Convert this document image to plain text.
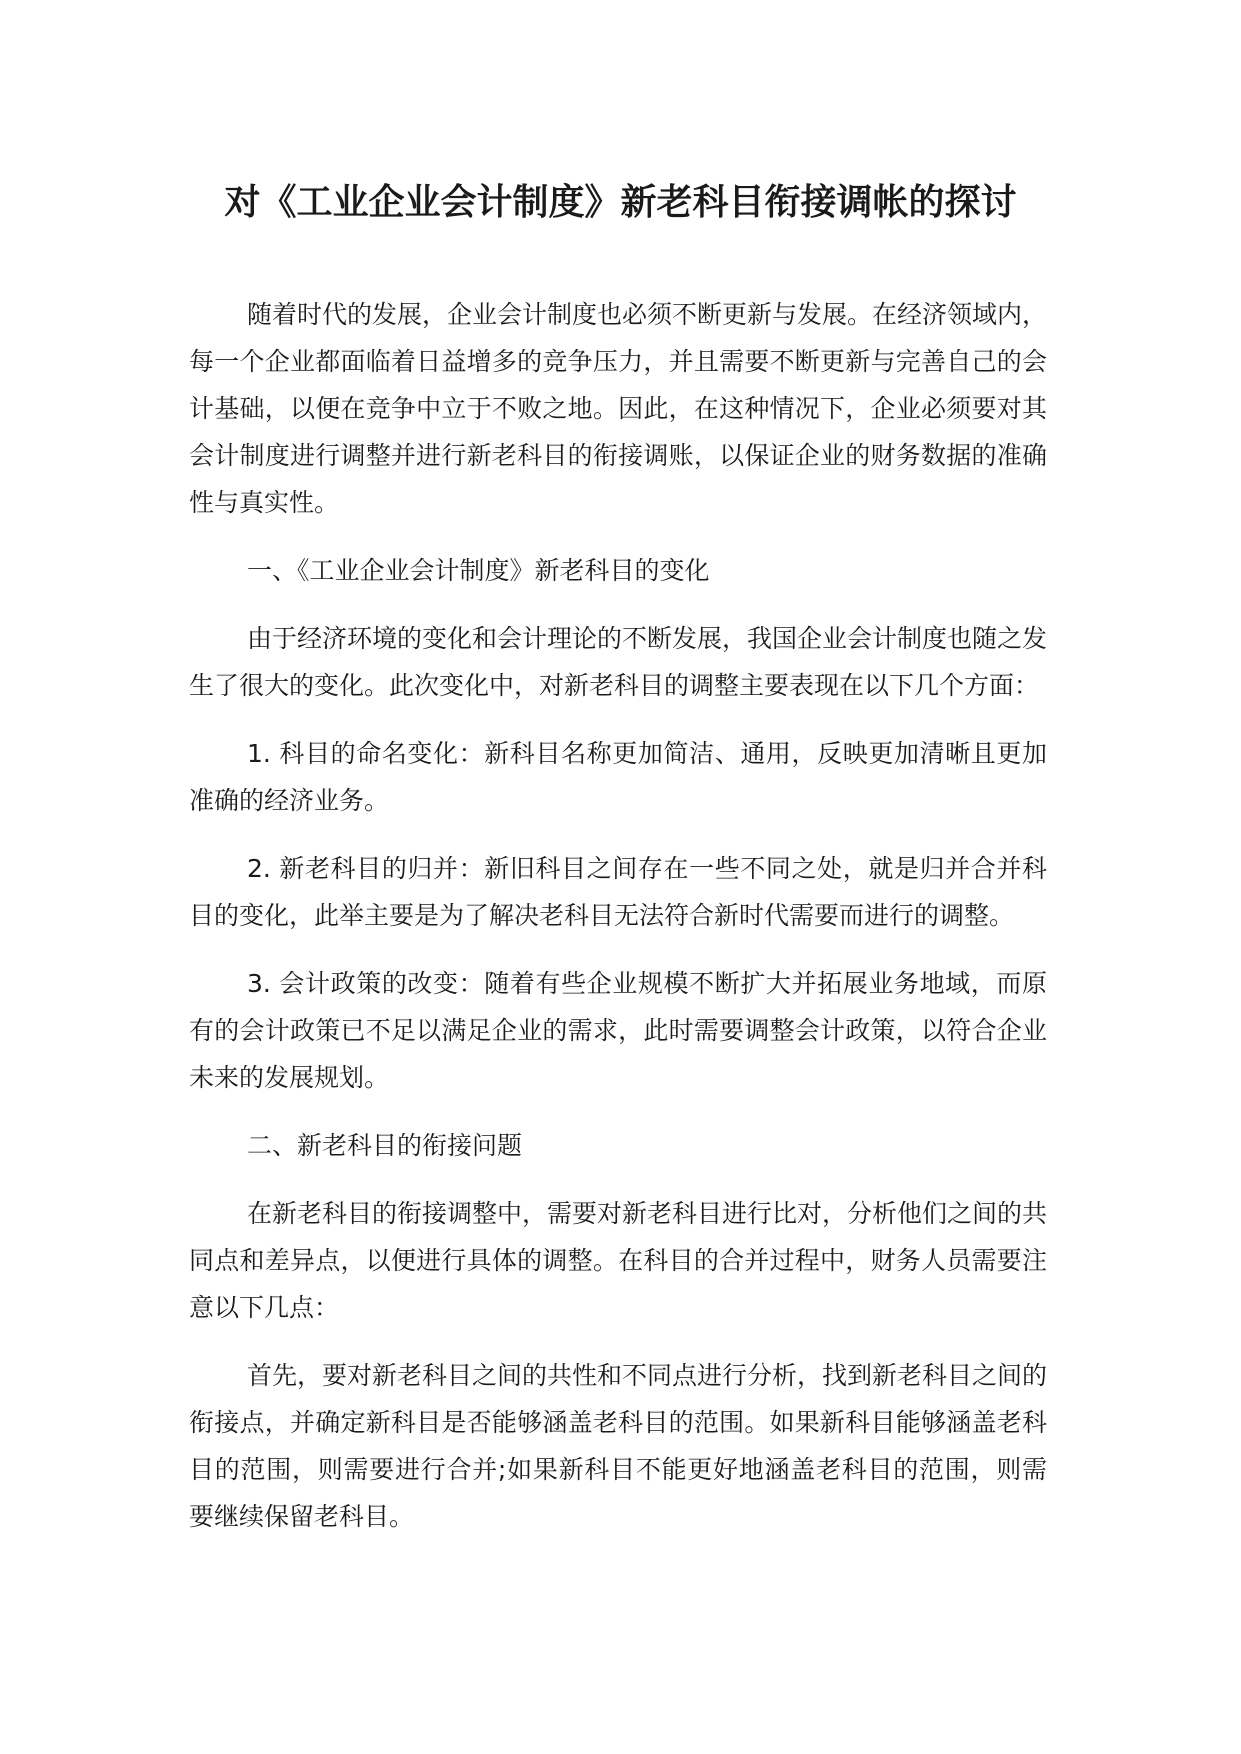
对《工业企业会计制度》新老科目衔接调帐的探讨

随着时代的发展，企业会计制度也必须不断更新与发展。在经济领域内，每一个企业都面临着日益增多的竞争压力，并且需要不断更新与完善自己的会计基础，以便在竞争中立于不败之地。因此，在这种情况下，企业必须要对其会计制度进行调整并进行新老科目的衔接调账，以保证企业的财务数据的准确性与真实性。

一、《工业企业会计制度》新老科目的变化

由于经济环境的变化和会计理论的不断发展，我国企业会计制度也随之发生了很大的变化。此次变化中，对新老科目的调整主要表现在以下几个方面：

1. 科目的命名变化：新科目名称更加简洁、通用，反映更加清晰且更加准确的经济业务。

2. 新老科目的归并：新旧科目之间存在一些不同之处，就是归并合并科目的变化，此举主要是为了解决老科目无法符合新时代需要而进行的调整。

3. 会计政策的改变：随着有些企业规模不断扩大并拓展业务地域，而原有的会计政策已不足以满足企业的需求，此时需要调整会计政策，以符合企业未来的发展规划。

二、新老科目的衔接问题

在新老科目的衔接调整中，需要对新老科目进行比对，分析他们之间的共同点和差异点，以便进行具体的调整。在科目的合并过程中，财务人员需要注意以下几点：

首先，要对新老科目之间的共性和不同点进行分析，找到新老科目之间的衔接点，并确定新科目是否能够涵盖老科目的范围。如果新科目能够涵盖老科目的范围，则需要进行合并;如果新科目不能更好地涵盖老科目的范围，则需要继续保留老科目。
